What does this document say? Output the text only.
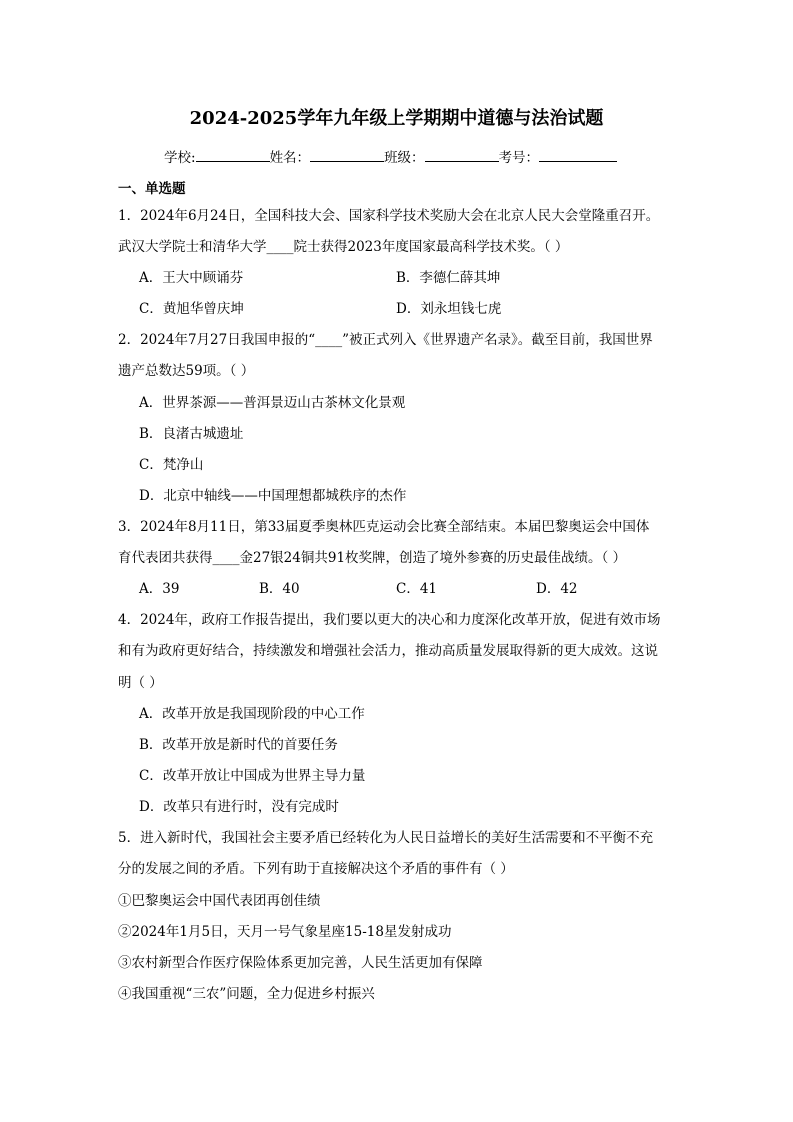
2024-2025学年九年级上学期期中道德与法治试题
学校:	姓名：	班级：	考号：
一、单选题
1．2024年6月24日，全国科技大会、国家科学技术奖励大会在北京人民大会堂隆重召开。
武汉大学院士和清华大学____院士获得2023年度国家最高科学技术奖。（ ）
A．王大中顾诵芬	B．李德仁薛其坤
C．黄旭华曾庆坤	D．刘永坦钱七虎
2．2024年7月27日我国申报的“____”被正式列入《世界遗产名录》。截至目前，我国世界
遗产总数达59项。（ ）
A．世界茶源——普洱景迈山古茶林文化景观
B．良渚古城遗址
C．梵净山
D．北京中轴线——中国理想都城秩序的杰作
3．2024年8月11日，第33届夏季奥林匹克运动会比赛全部结束。本届巴黎奥运会中国体
育代表团共获得____金27银24铜共91枚奖牌，创造了境外参赛的历史最佳战绩。（ ）
A．39	B．40	C．41	D．42
4．2024年，政府工作报告提出，我们要以更大的决心和力度深化改革开放，促进有效市场
和有为政府更好结合，持续激发和增强社会活力，推动高质量发展取得新的更大成效。这说
明（ ）
A．改革开放是我国现阶段的中心工作
B．改革开放是新时代的首要任务
C．改革开放让中国成为世界主导力量
D．改革只有进行时，没有完成时
5．进入新时代，我国社会主要矛盾已经转化为人民日益增长的美好生活需要和不平衡不充
分的发展之间的矛盾。下列有助于直接解决这个矛盾的事件有（ ）
①巴黎奥运会中国代表团再创佳绩
②2024年1月5日，天月一号气象星座15-18星发射成功
③农村新型合作医疗保险体系更加完善，人民生活更加有保障
④我国重视“三农”问题，全力促进乡村振兴
